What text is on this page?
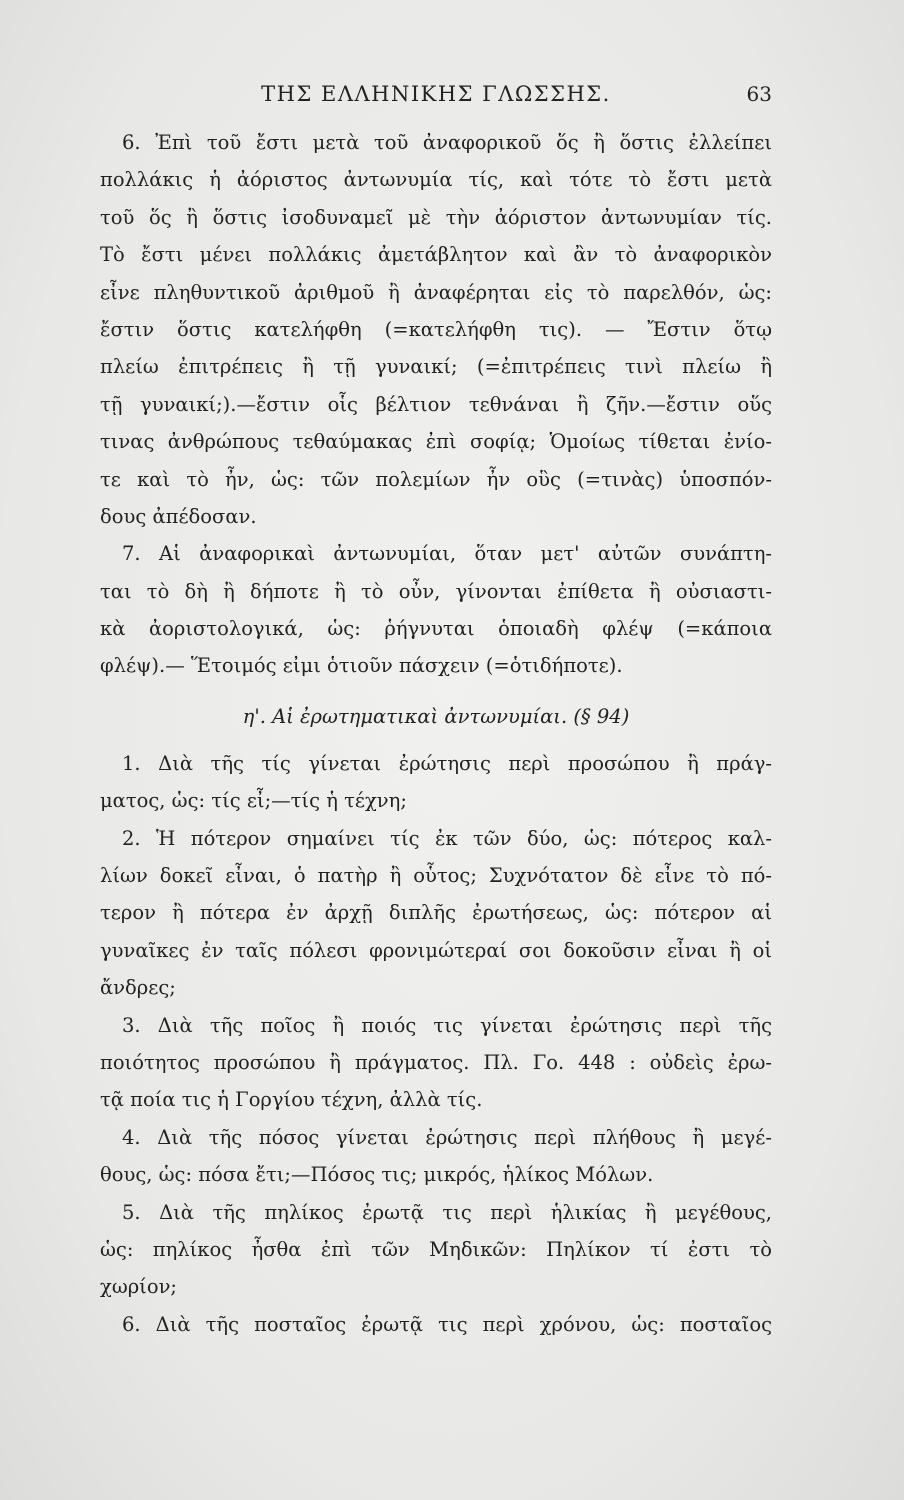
ΤΗΣ ΕΛΛΗΝΙΚΗΣ ΓΛΩΣΣΗΣ.	63
6. Ἐπὶ τοῦ ἔστι μετὰ τοῦ ἀναφορικοῦ ὅς ἢ ὅστις ἐλλείπει
πολλάκις ἡ ἀόριστος ἀντωνυμία τίς, καὶ τότε τὸ ἔστι μετὰ
τοῦ ὅς ἢ ὅστις ἰσοδυναμεῖ μὲ τὴν ἀόριστον ἀντωνυμίαν τίς.
Τὸ ἔστι μένει πολλάκις ἀμετάβλητον καὶ ἂν τὸ ἀναφορικὸν
εἶνε πληθυντικοῦ ἀριθμοῦ ἢ ἀναφέρηται εἰς τὸ παρελθόν, ὡς:
ἔστιν ὅστις κατελήφθη (=κατελήφθη τις). — Ἔστιν ὅτῳ
πλείω ἐπιτρέπεις ἢ τῇ γυναικί; (=ἐπιτρέπεις τινὶ πλείω ἢ
τῇ γυναικί;).—ἔστιν οἷς βέλτιον τεθνάναι ἢ ζῆν.—ἔστιν οὕς
τινας ἀνθρώπους τεθαύμακας ἐπὶ σοφίᾳ; Ὁμοίως τίθεται ἐνίο-
τε καὶ τὸ ἦν, ὡς: τῶν πολεμίων ἦν οὓς (=τινὰς) ὑποσπόν-
δους ἀπέδοσαν.
7. Αἱ ἀναφορικαὶ ἀντωνυμίαι, ὅταν μετ' αὐτῶν συνάπτη-
ται τὸ δὴ ἢ δήποτε ἢ τὸ οὖν, γίνονται ἐπίθετα ἢ οὐσιαστι-
κὰ ἀοριστολογικά, ὡς: ῥήγνυται ὁποιαδὴ φλέψ (=κάποια
φλέψ).— Ἕτοιμός εἰμι ὁτιοῦν πάσχειν (=ὁτιδήποτε).
η'. Αἱ ἐρωτηματικαὶ ἀντωνυμίαι. (§ 94)
1. Διὰ τῆς τίς γίνεται ἐρώτησις περὶ προσώπου ἢ πράγ-
ματος, ὡς: τίς εἶ;—τίς ἡ τέχνη;
2. Ἡ πότερον σημαίνει τίς ἐκ τῶν δύο, ὡς: πότερος καλ-
λίων δοκεῖ εἶναι, ὁ πατὴρ ἢ οὗτος; Συχνότατον δὲ εἶνε τὸ πό-
τερον ἢ πότερα ἐν ἀρχῇ διπλῆς ἐρωτήσεως, ὡς: πότερον αἱ
γυναῖκες ἐν ταῖς πόλεσι φρονιμώτεραί σοι δοκοῦσιν εἶναι ἢ οἱ
ἄνδρες;
3. Διὰ τῆς ποῖος ἢ ποιός τις γίνεται ἐρώτησις περὶ τῆς
ποιότητος προσώπου ἢ πράγματος. Πλ. Γο. 448 : οὐδεὶς ἐρω-
τᾷ ποία τις ἡ Γοργίου τέχνη, ἀλλὰ τίς.
4. Διὰ τῆς πόσος γίνεται ἐρώτησις περὶ πλήθους ἢ μεγέ-
θους, ὡς: πόσα ἔτι;—Πόσος τις; μικρός, ἡλίκος Μόλων.
5. Διὰ τῆς πηλίκος ἐρωτᾷ τις περὶ ἡλικίας ἢ μεγέθους,
ὡς: πηλίκος ἦσθα ἐπὶ τῶν Μηδικῶν: Πηλίκον τί ἐστι τὸ
χωρίον;
6. Διὰ τῆς ποσταῖος ἐρωτᾷ τις περὶ χρόνου, ὡς: ποσταῖος
